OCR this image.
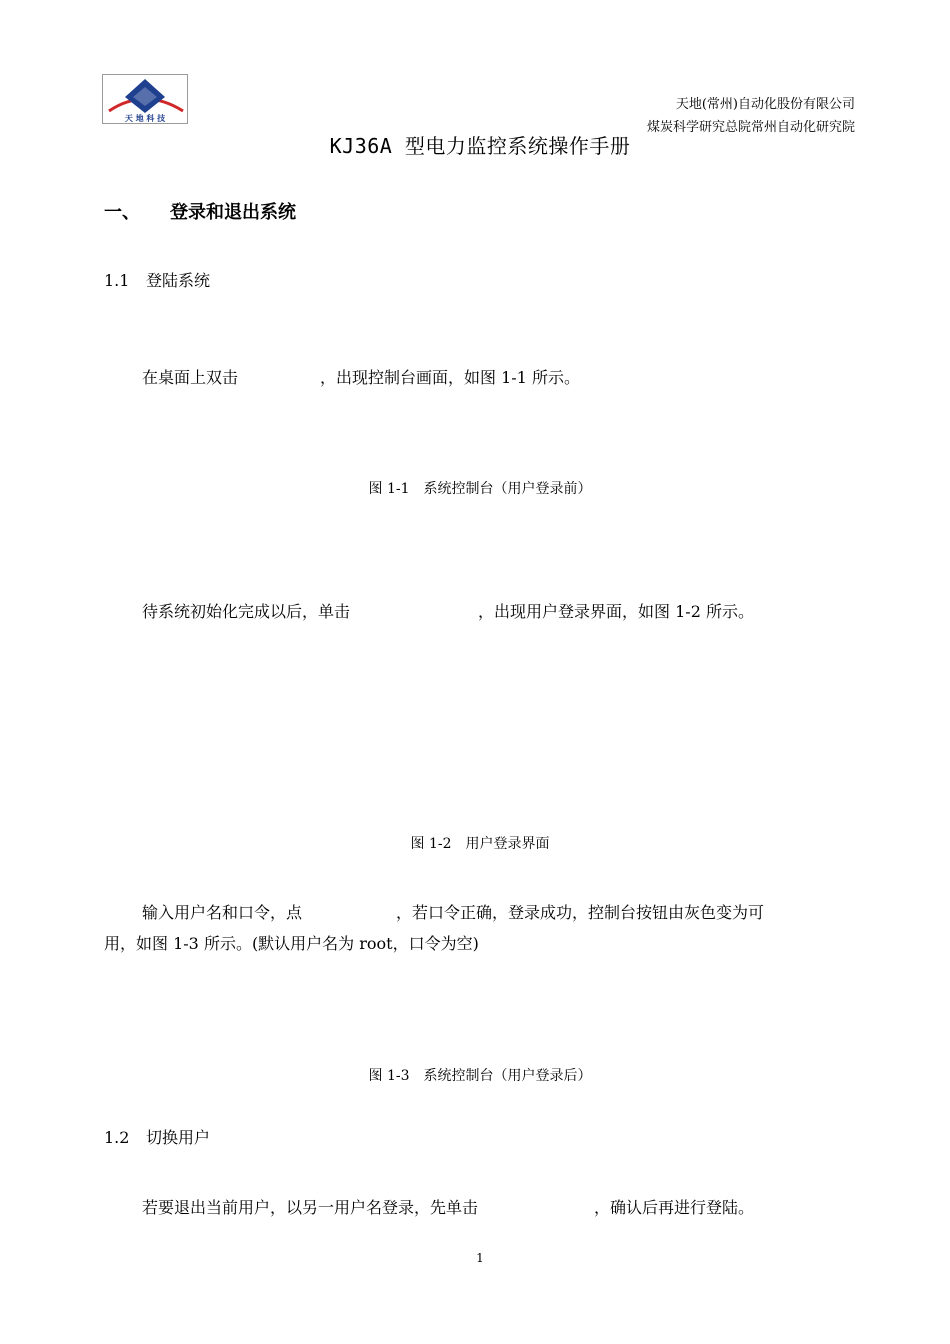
天 地 科 技
天地(常州)自动化股份有限公司
煤炭科学研究总院常州自动化研究院
KJ36A 型电力监控系统操作手册
一、 登录和退出系统
1.1 登陆系统
在桌面上双击	，出现控制台画面，如图 1-1 所示。
图 1-1　系统控制台（用户登录前）
待系统初始化完成以后，单击	，出现用户登录界面，如图 1-2 所示。
图 1-2　用户登录界面
输入用户名和口令，点	，若口令正确，登录成功，控制台按钮由灰色变为可
用，如图 1-3 所示。(默认用户名为 root，口令为空)
图 1-3　系统控制台（用户登录后）
1.2 切换用户
若要退出当前用户，以另一用户名登录，先单击	，确认后再进行登陆。
1
